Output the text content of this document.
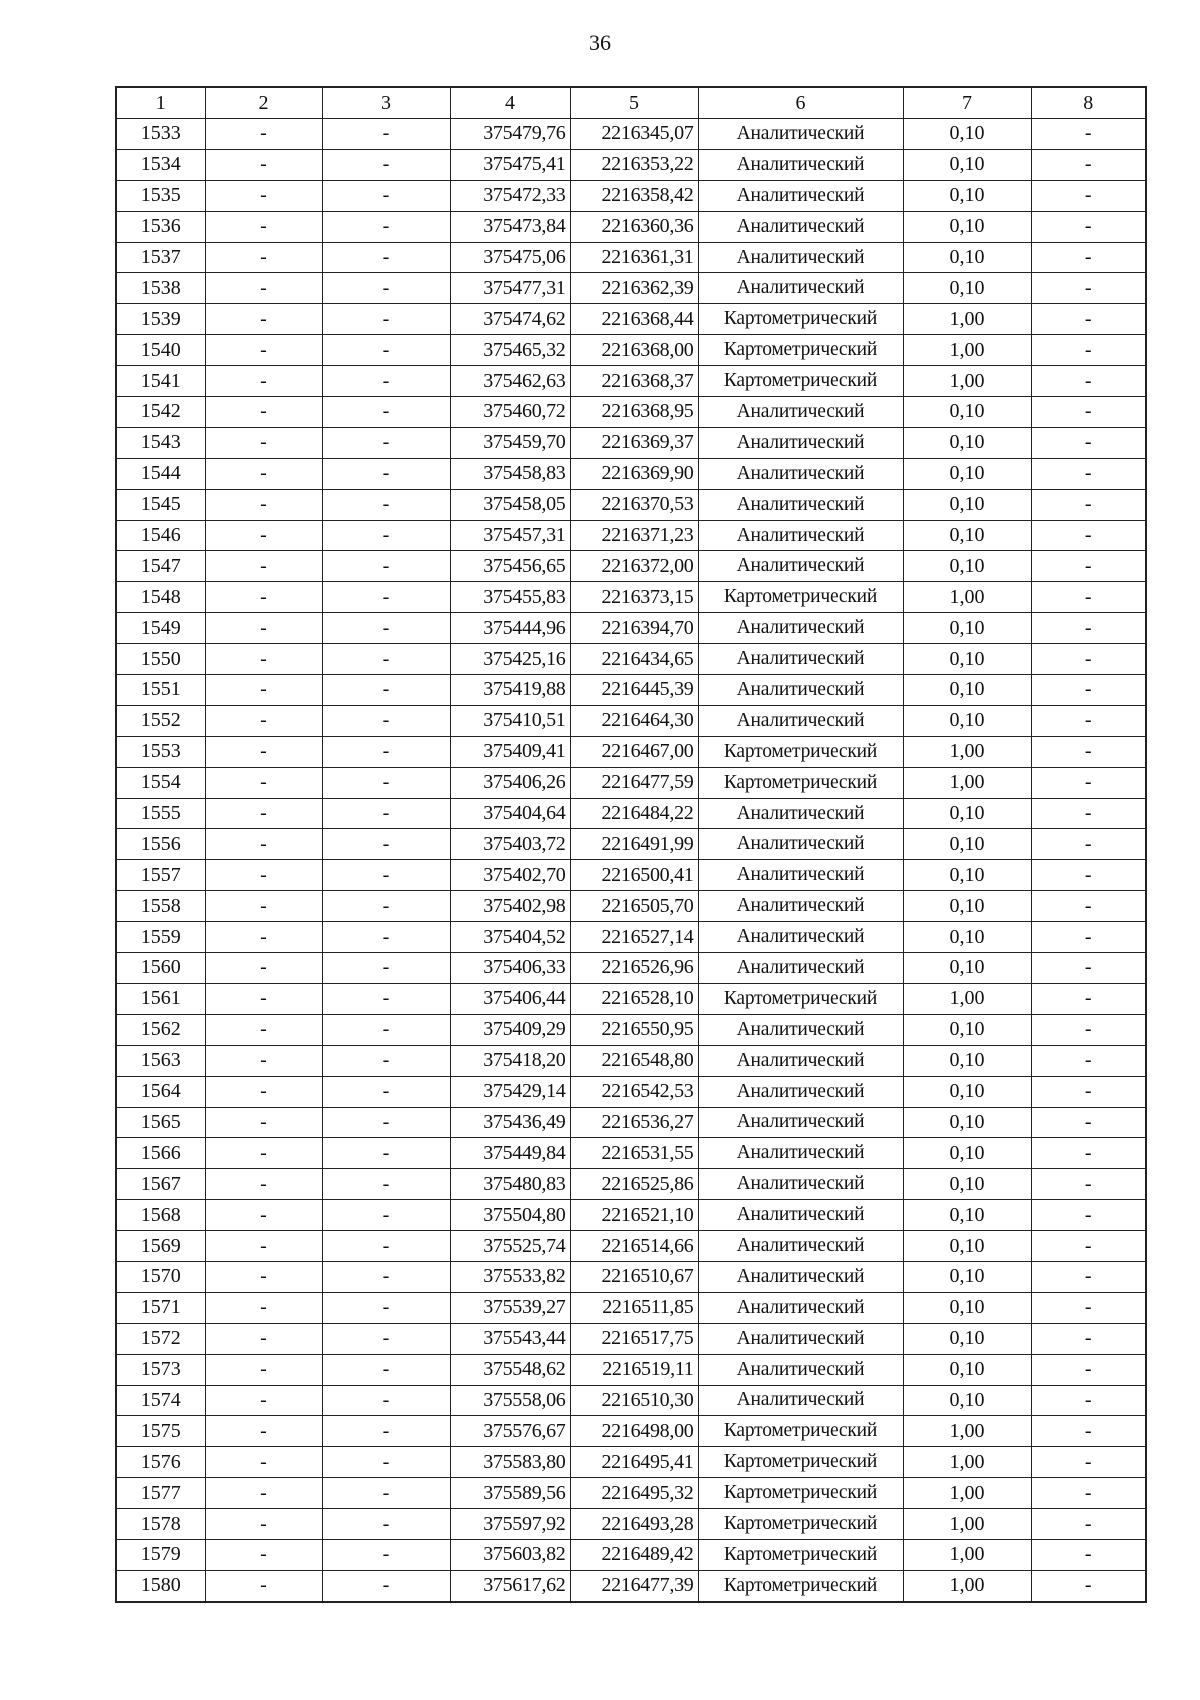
36
1	2	3	4	5	6	7	8
1533	-	-	375479,76	2216345,07	Аналитический	0,10	-
1534	-	-	375475,41	2216353,22	Аналитический	0,10	-
1535	-	-	375472,33	2216358,42	Аналитический	0,10	-
1536	-	-	375473,84	2216360,36	Аналитический	0,10	-
1537	-	-	375475,06	2216361,31	Аналитический	0,10	-
1538	-	-	375477,31	2216362,39	Аналитический	0,10	-
1539	-	-	375474,62	2216368,44	Картометрический	1,00	-
1540	-	-	375465,32	2216368,00	Картометрический	1,00	-
1541	-	-	375462,63	2216368,37	Картометрический	1,00	-
1542	-	-	375460,72	2216368,95	Аналитический	0,10	-
1543	-	-	375459,70	2216369,37	Аналитический	0,10	-
1544	-	-	375458,83	2216369,90	Аналитический	0,10	-
1545	-	-	375458,05	2216370,53	Аналитический	0,10	-
1546	-	-	375457,31	2216371,23	Аналитический	0,10	-
1547	-	-	375456,65	2216372,00	Аналитический	0,10	-
1548	-	-	375455,83	2216373,15	Картометрический	1,00	-
1549	-	-	375444,96	2216394,70	Аналитический	0,10	-
1550	-	-	375425,16	2216434,65	Аналитический	0,10	-
1551	-	-	375419,88	2216445,39	Аналитический	0,10	-
1552	-	-	375410,51	2216464,30	Аналитический	0,10	-
1553	-	-	375409,41	2216467,00	Картометрический	1,00	-
1554	-	-	375406,26	2216477,59	Картометрический	1,00	-
1555	-	-	375404,64	2216484,22	Аналитический	0,10	-
1556	-	-	375403,72	2216491,99	Аналитический	0,10	-
1557	-	-	375402,70	2216500,41	Аналитический	0,10	-
1558	-	-	375402,98	2216505,70	Аналитический	0,10	-
1559	-	-	375404,52	2216527,14	Аналитический	0,10	-
1560	-	-	375406,33	2216526,96	Аналитический	0,10	-
1561	-	-	375406,44	2216528,10	Картометрический	1,00	-
1562	-	-	375409,29	2216550,95	Аналитический	0,10	-
1563	-	-	375418,20	2216548,80	Аналитический	0,10	-
1564	-	-	375429,14	2216542,53	Аналитический	0,10	-
1565	-	-	375436,49	2216536,27	Аналитический	0,10	-
1566	-	-	375449,84	2216531,55	Аналитический	0,10	-
1567	-	-	375480,83	2216525,86	Аналитический	0,10	-
1568	-	-	375504,80	2216521,10	Аналитический	0,10	-
1569	-	-	375525,74	2216514,66	Аналитический	0,10	-
1570	-	-	375533,82	2216510,67	Аналитический	0,10	-
1571	-	-	375539,27	2216511,85	Аналитический	0,10	-
1572	-	-	375543,44	2216517,75	Аналитический	0,10	-
1573	-	-	375548,62	2216519,11	Аналитический	0,10	-
1574	-	-	375558,06	2216510,30	Аналитический	0,10	-
1575	-	-	375576,67	2216498,00	Картометрический	1,00	-
1576	-	-	375583,80	2216495,41	Картометрический	1,00	-
1577	-	-	375589,56	2216495,32	Картометрический	1,00	-
1578	-	-	375597,92	2216493,28	Картометрический	1,00	-
1579	-	-	375603,82	2216489,42	Картометрический	1,00	-
1580	-	-	375617,62	2216477,39	Картометрический	1,00	-
